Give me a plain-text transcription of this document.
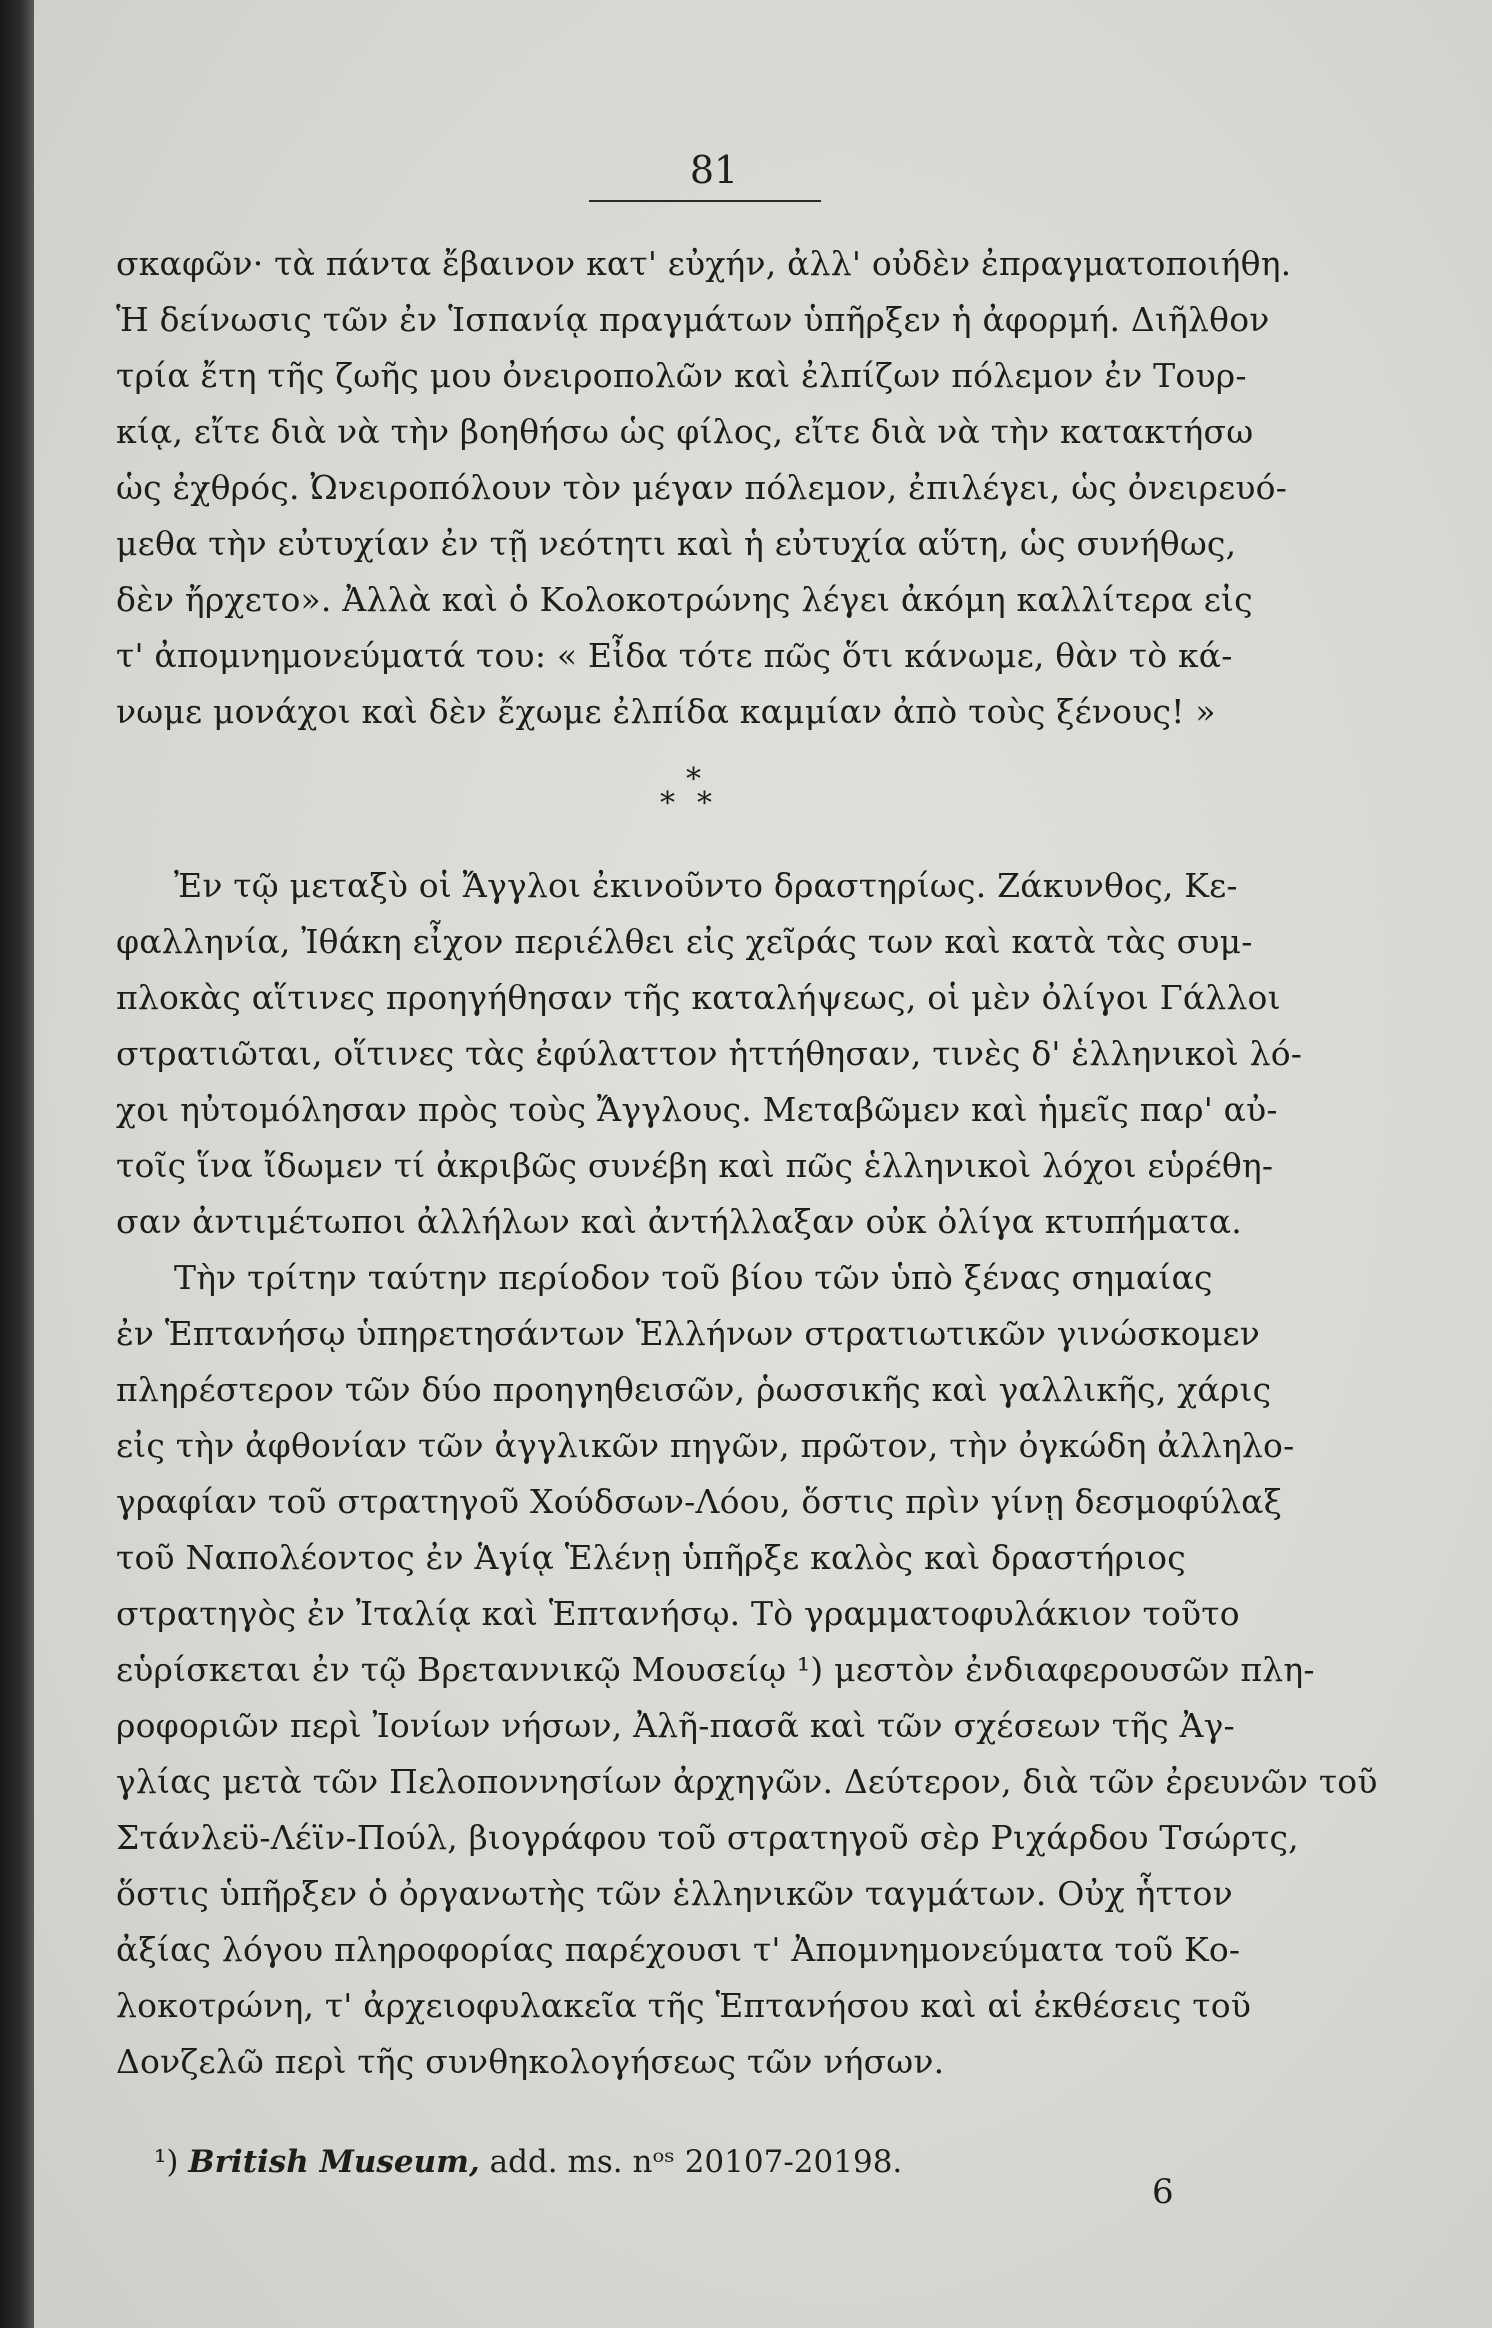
81
σκαφῶν· τὰ πάντα ἔβαινον κατ' εὐχήν, ἀλλ' οὐδὲν ἐπραγματοποιήθη.
Ἡ δείνωσις τῶν ἐν Ἱσπανίᾳ πραγμάτων ὑπῆρξεν ἡ ἀφορμή. Διῆλθον
τρία ἔτη τῆς ζωῆς μου ὀνειροπολῶν καὶ ἐλπίζων πόλεμον ἐν Τουρ-
κίᾳ, εἴτε διὰ νὰ τὴν βοηθήσω ὡς φίλος, εἴτε διὰ νὰ τὴν κατακτήσω
ὡς ἐχθρός. Ὠνειροπόλουν τὸν μέγαν πόλεμον, ἐπιλέγει, ὡς ὀνειρευό-
μεθα τὴν εὐτυχίαν ἐν τῇ νεότητι καὶ ἡ εὐτυχία αὕτη, ὡς συνήθως,
δὲν ἤρχετο». Ἀλλὰ καὶ ὁ Κολοκοτρώνης λέγει ἀκόμη καλλίτερα εἰς
τ' ἀπομνημονεύματά του: « Εἶδα τότε πῶς ὅτι κάνωμε, θὰν τὸ κά-
νωμε μονάχοι καὶ δὲν ἔχωμε ἐλπίδα καμμίαν ἀπὸ τοὺς ξένους! »
*
* *
Ἐν τῷ μεταξὺ οἱ Ἄγγλοι ἐκινοῦντο δραστηρίως. Ζάκυνθος, Κε-
φαλληνία, Ἰθάκη εἶχον περιέλθει εἰς χεῖράς των καὶ κατὰ τὰς συμ-
πλοκὰς αἵτινες προηγήθησαν τῆς καταλήψεως, οἱ μὲν ὀλίγοι Γάλλοι
στρατιῶται, οἵτινες τὰς ἐφύλαττον ἡττήθησαν, τινὲς δ' ἑλληνικοὶ λό-
χοι ηὐτομόλησαν πρὸς τοὺς Ἄγγλους. Μεταβῶμεν καὶ ἡμεῖς παρ' αὐ-
τοῖς ἵνα ἴδωμεν τί ἀκριβῶς συνέβη καὶ πῶς ἑλληνικοὶ λόχοι εὑρέθη-
σαν ἀντιμέτωποι ἀλλήλων καὶ ἀντήλλαξαν οὐκ ὀλίγα κτυπήματα.
Τὴν τρίτην ταύτην περίοδον τοῦ βίου τῶν ὑπὸ ξένας σημαίας
ἐν Ἑπτανήσῳ ὑπηρετησάντων Ἑλλήνων στρατιωτικῶν γινώσκομεν
πληρέστερον τῶν δύο προηγηθεισῶν, ῥωσσικῆς καὶ γαλλικῆς, χάρις
εἰς τὴν ἀφθονίαν τῶν ἀγγλικῶν πηγῶν, πρῶτον, τὴν ὀγκώδη ἀλληλο-
γραφίαν τοῦ στρατηγοῦ Χούδσων-Λόου, ὅστις πρὶν γίνῃ δεσμοφύλαξ
τοῦ Ναπολέοντος ἐν Ἁγίᾳ Ἑλένῃ ὑπῆρξε καλὸς καὶ δραστήριος
στρατηγὸς ἐν Ἰταλίᾳ καὶ Ἑπτανήσῳ. Τὸ γραμματοφυλάκιον τοῦτο
εὑρίσκεται ἐν τῷ Βρεταννικῷ Μουσείῳ ¹) μεστὸν ἐνδιαφερουσῶν πλη-
ροφοριῶν περὶ Ἰονίων νήσων, Ἀλῆ-πασᾶ καὶ τῶν σχέσεων τῆς Ἀγ-
γλίας μετὰ τῶν Πελοποννησίων ἀρχηγῶν. Δεύτερον, διὰ τῶν ἐρευνῶν τοῦ
Στάνλεϋ-Λέϊν-Πούλ, βιογράφου τοῦ στρατηγοῦ σὲρ Ριχάρδου Τσώρτς,
ὅστις ὑπῆρξεν ὁ ὀργανωτὴς τῶν ἑλληνικῶν ταγμάτων. Οὐχ ἧττον
ἀξίας λόγου πληροφορίας παρέχουσι τ' Ἀπομνημονεύματα τοῦ Κο-
λοκοτρώνη, τ' ἀρχειοφυλακεῖα τῆς Ἑπτανήσου καὶ αἱ ἐκθέσεις τοῦ
Δονζελῶ περὶ τῆς συνθηκολογήσεως τῶν νήσων.
¹) British Museum, add. ms. nᵒˢ 20107-20198.
6
